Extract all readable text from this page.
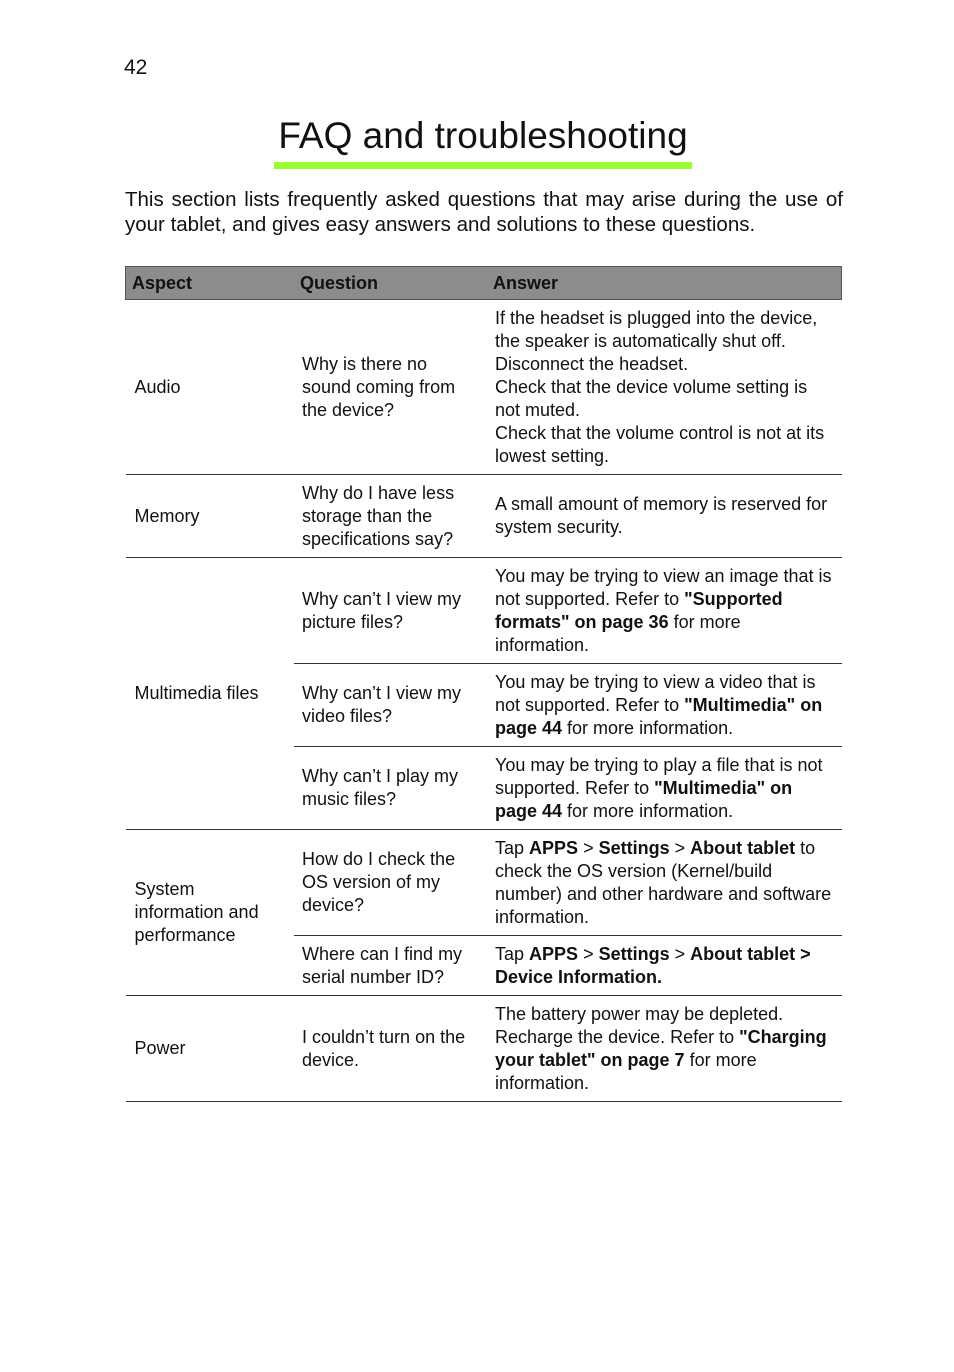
42
FAQ and troubleshooting

This section lists frequently asked questions that may arise during the use of your tablet, and gives easy answers and solutions to these questions.

Aspect	Question	Answer
Audio	Why is there no sound coming from the device?	If the headset is plugged into the device, the speaker is automatically shut off. Disconnect the headset.
Check that the device volume setting is not muted.
Check that the volume control is not at its lowest setting.

Memory	Why do I have less storage than the specifications say?	A small amount of memory is reserved for system security.
Multimedia files	Why can’t I view my picture files?	You may be trying to view an image that is not supported. Refer to "Supported formats" on page 36 for more information.
	Why can’t I view my video files?	You may be trying to view a video that is not supported. Refer to "Multimedia" on page 44 for more information.
	Why can’t I play my music files?	You may be trying to play a file that is not supported. Refer to "Multimedia" on page 44 for more information.
System information and performance	How do I check the OS version of my device?	Tap APPS > Settings > About tablet to check the OS version (Kernel/build number) and other hardware and software information.
	Where can I find my serial number ID?	Tap APPS > Settings > About tablet > Device Information.
Power	I couldn’t turn on the device.	The battery power may be depleted. Recharge the device. Refer to "Charging your tablet" on page 7 for more information.
